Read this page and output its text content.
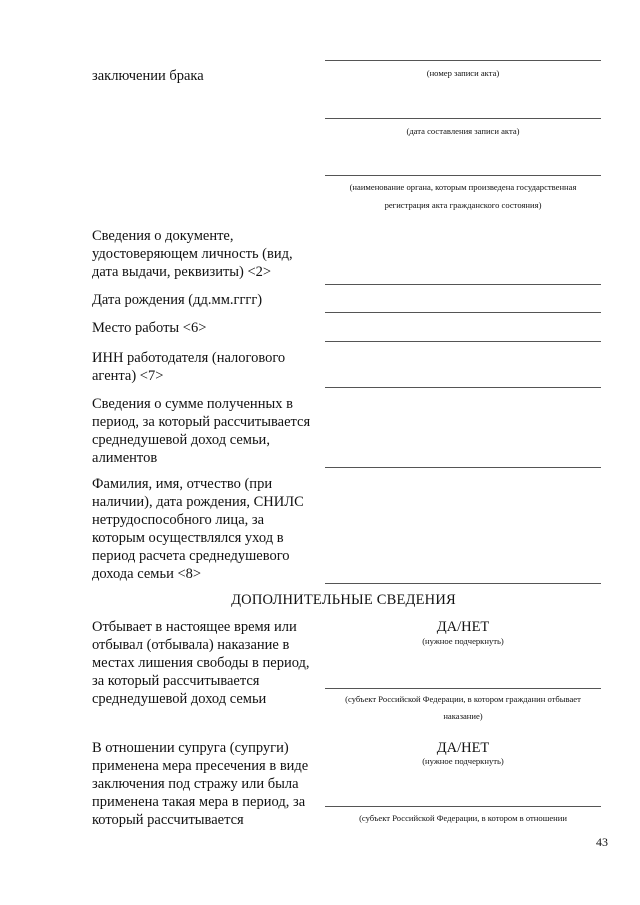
заключении брака	(номер записи акта)

(дата составления записи акта)

(наименование органа, которым произведена государственная

регистрация акта гражданского состояния)

Сведения о документе,

удостоверяющем личность (вид,

дата выдачи, реквизиты) <2>

Дата рождения (дд.мм.гггг)

Место работы <6>

ИНН работодателя (налогового

агента) <7>

Сведения о сумме полученных в

период, за который рассчитывается

среднедушевой доход семьи,

алиментов

Фамилия, имя, отчество (при

наличии), дата рождения, СНИЛС

нетрудоспособного лица, за

которым осуществлялся уход в

период расчета среднедушевого

дохода семьи <8>

ДОПОЛНИТЕЛЬНЫЕ СВЕДЕНИЯ

Отбывает в настоящее время или

отбывал (отбывала) наказание в

местах лишения свободы в период,

за который рассчитывается

среднедушевой доход семьи

ДА/НЕТ

(нужное подчеркнуть)

(субъект Российской Федерации, в котором гражданин отбывает

наказание)

В отношении супруга (супруги)

применена мера пресечения в виде

заключения под стражу или была

применена такая мера в период, за

который рассчитывается

ДА/НЕТ

(нужное подчеркнуть)

(субъект Российской Федерации, в котором в отношении

43
